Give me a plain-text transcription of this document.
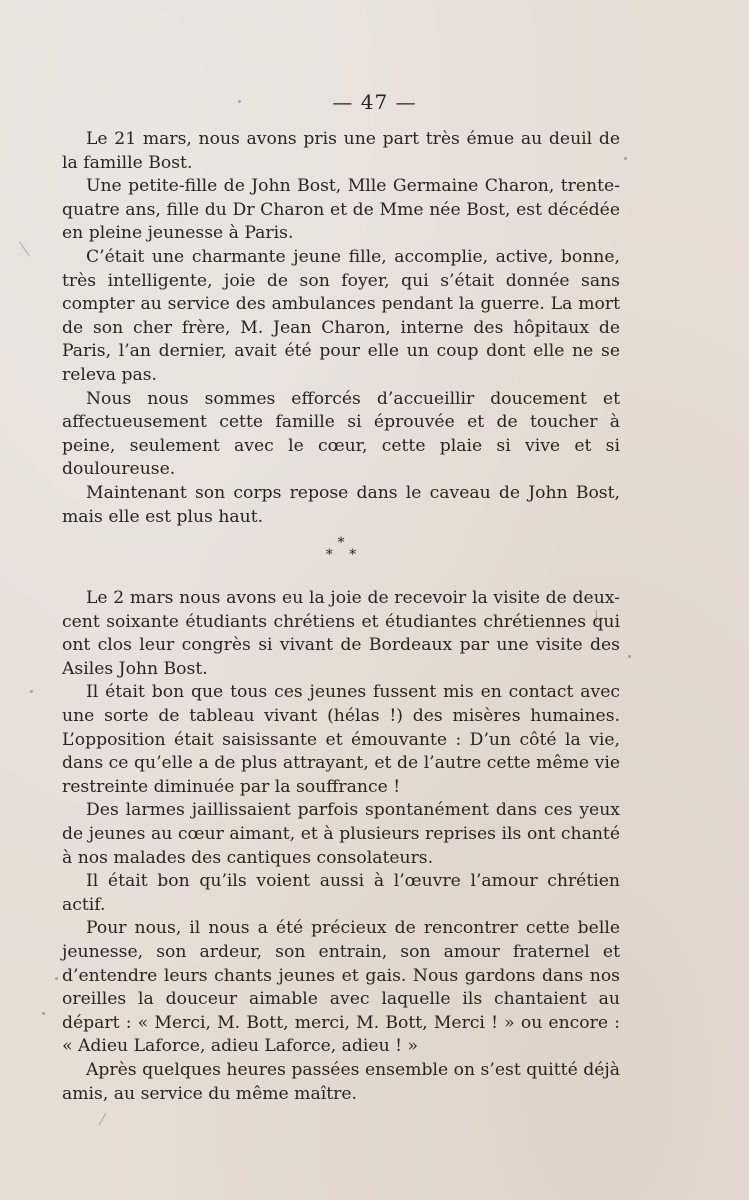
— 47 —

Le 21 mars, nous avons pris une part très émue au deuil de la famille Bost.

Une petite-fille de John Bost, Mlle Germaine Charon, trente-quatre ans, fille du Dr Charon et de Mme née Bost, est décédée en pleine jeunesse à Paris.

C’était une charmante jeune fille, accomplie, active, bonne, très intelligente, joie de son foyer, qui s’était donnée sans compter au service des ambulances pendant la guerre. La mort de son cher frère, M. Jean Charon, interne des hôpitaux de Paris, l’an dernier, avait été pour elle un coup dont elle ne se releva pas.

Nous nous sommes efforcés d’accueillir doucement et affectueusement cette famille si éprouvée et de toucher à peine, seulement avec le cœur, cette plaie si vive et si douloureuse.

Maintenant son corps repose dans le caveau de John Bost, mais elle est plus haut.

*
* *

Le 2 mars nous avons eu la joie de recevoir la visite de deux-cent soixante étudiants chrétiens et étudiantes chrétiennes qui ont clos leur congrès si vivant de Bordeaux par une visite des Asiles John Bost.

Il était bon que tous ces jeunes fussent mis en contact avec une sorte de tableau vivant (hélas !) des misères humaines. L’opposition était saisissante et émouvante : D’un côté la vie, dans ce qu’elle a de plus attrayant, et de l’autre cette même vie restreinte diminuée par la souffrance !

Des larmes jaillissaient parfois spontanément dans ces yeux de jeunes au cœur aimant, et à plusieurs reprises ils ont chanté à nos malades des cantiques consolateurs.

Il était bon qu’ils voient aussi à l’œuvre l’amour chrétien actif.

Pour nous, il nous a été précieux de rencontrer cette belle jeunesse, son ardeur, son entrain, son amour fraternel et d’entendre leurs chants jeunes et gais. Nous gardons dans nos oreilles la douceur aimable avec laquelle ils chantaient au départ : « Merci, M. Bott, merci, M. Bott, Merci ! » ou encore : « Adieu Laforce, adieu Laforce, adieu ! »

Après quelques heures passées ensemble on s’est quitté déjà amis, au service du même maître.
